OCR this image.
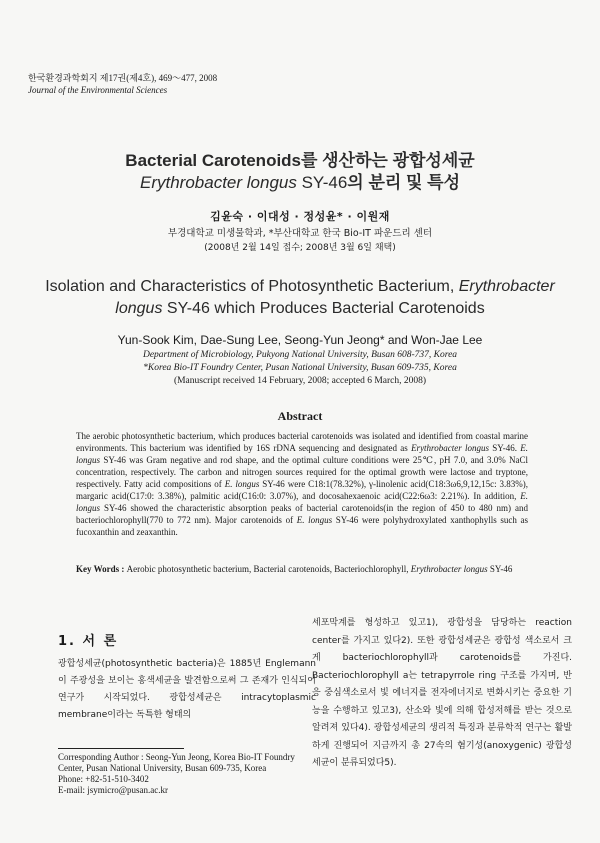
한국환경과학회지 제17권(제4호), 469～477, 2008
Journal of the Environmental Sciences
Bacterial Carotenoids를 생산하는 광합성세균
Erythrobacter longus SY-46의 분리 및 특성
김윤숙 · 이대성 · 정성윤* · 이원재
부경대학교 미생물학과, *부산대학교 한국 Bio-IT 파운드리 센터
(2008년 2월 14일 접수; 2008년 3월 6일 채택)
Isolation and Characteristics of Photosynthetic Bacterium, Erythrobacter
longus SY-46 which Produces Bacterial Carotenoids
Yun-Sook Kim, Dae-Sung Lee, Seong-Yun Jeong* and Won-Jae Lee
Department of Microbiology, Pukyong National University, Busan 608-737, Korea
*Korea Bio-IT Foundry Center, Pusan National University, Busan 609-735, Korea
(Manuscript received 14 February, 2008; accepted 6 March, 2008)
Abstract
The aerobic photosynthetic bacterium, which produces bacterial carotenoids was isolated and identified from coastal marine environments. This bacterium was identified by 16S rDNA sequencing and designated as Erythrobacter longus SY-46. E. longus SY-46 was Gram negative and rod shape, and the optimal culture conditions were 25℃, pH 7.0, and 3.0% NaCl concentration, respectively. The carbon and nitrogen sources required for the optimal growth were lactose and tryptone, respectively. Fatty acid compositions of E. longus SY-46 were C18:1(78.32%), γ-linolenic acid(C18:3ω6,9,12,15c: 3.83%), margaric acid(C17:0: 3.38%), palmitic acid(C16:0: 3.07%), and docosahexaenoic acid(C22:6ω3: 2.21%). In addition, E. longus SY-46 showed the characteristic absorption peaks of bacterial carotenoids(in the region of 450 to 480 nm) and bacteriochlorophyll(770 to 772 nm). Major carotenoids of E. longus SY-46 were polyhydroxylated xanthophylls such as fucoxanthin and zeaxanthin.
Key Words : Aerobic photosynthetic bacterium, Bacterial carotenoids, Bacteriochlorophyll, Erythrobacter longus SY-46
1. 서 론

광합성세균(photosynthetic bacteria)은 1885년 Englemann이 주광성을 보이는 홍색세균을 발견함으로써 그 존재가 인식되어 연구가 시작되었다. 광합성세균은 intracytoplasmic membrane이라는 독특한 형태의

세포막계를 형성하고 있고1), 광합성을 담당하는 reaction center를 가지고 있다2). 또한 광합성세균은 광합성 색소로서 크게 bacteriochlorophyll과 carotenoids를 가진다. Bacteriochlorophyll a는 tetrapyrrole ring 구조를 가지며, 반응 중심색소로서 빛 에너지를 전자에너지로 변화시키는 중요한 기능을 수행하고 있고3), 산소와 빛에 의해 합성저해를 받는 것으로 알려져 있다4). 광합성세균의 생리적 특징과 분류학적 연구는 활발하게 진행되어 지금까지 총 27속의 혐기성(anoxygenic) 광합성세균이 분류되었다5).

Corresponding Author : Seong-Yun Jeong, Korea Bio-IT Foundry Center, Pusan National University, Busan 609-735, Korea
Phone: +82-51-510-3402
E-mail: jsymicro@pusan.ac.kr
